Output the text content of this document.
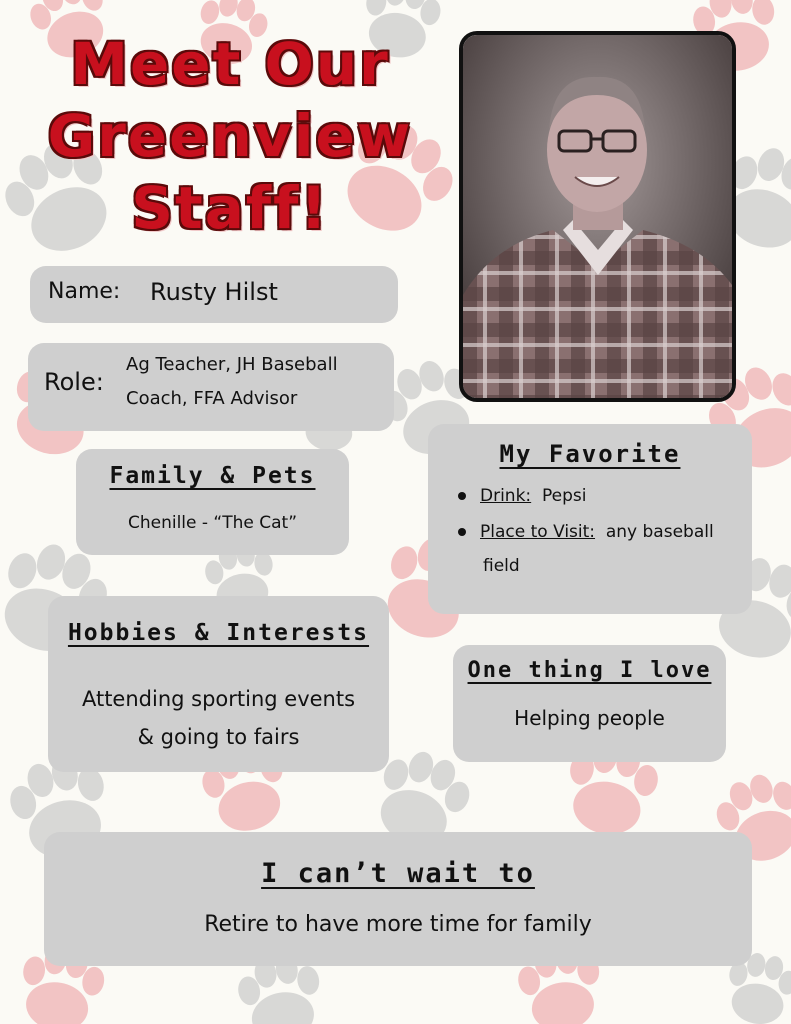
Meet Our
Greenview
Staff!
Name: Rusty Hilst
Role:
Ag Teacher, JH Baseball
Coach, FFA Advisor
Family & Pets
Chenille - “The Cat”
My Favorite
Drink: Pepsi
Place to Visit: any baseball
field
Hobbies & Interests
Attending sporting events
& going to fairs
One thing I love
Helping people
I can’t wait to
Retire to have more time for family
